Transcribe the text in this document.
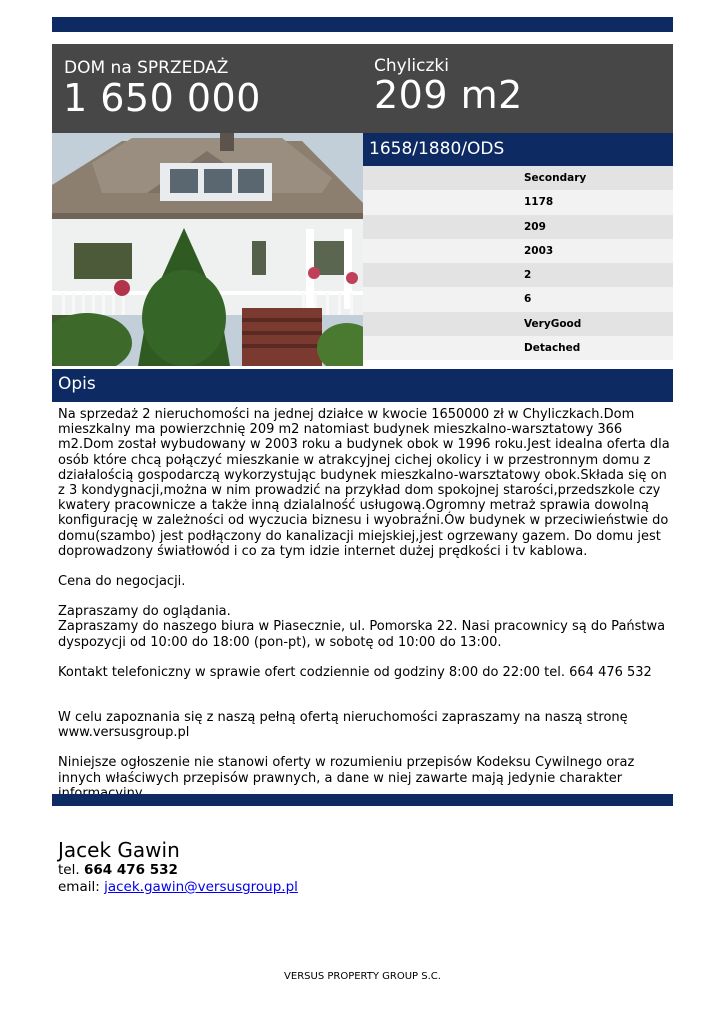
DOM na SPRZEDAŻ
1 650 000
Chyliczki
209 m2
1658/1880/ODS
Secondary
1178
209
2003
2
6
VeryGood
Detached
Opis

Na sprzedaż 2 nieruchomości na jednej działce w kwocie 1650000 zł w Chyliczkach.Dom mieszkalny ma powierzchnię 209 m2 natomiast budynek mieszkalno-warsztatowy 366 m2.Dom został wybudowany w 2003 roku a budynek obok w 1996 roku.Jest idealna oferta dla osób które chcą połączyć mieszkanie w atrakcyjnej cichej okolicy i w przestronnym domu z działalością gospodarczą wykorzystując budynek mieszkalno-warsztatowy obok.Składa się on z 3 kondygnacji,można w nim prowadzić na przykład dom spokojnej starości,przedszkole czy kwatery pracownicze a także inną dzialalność usługową.Ogromny metraż sprawia dowolną konfigurację w zależności od wyczucia biznesu i wyobraźni.Ów budynek w przeciwieństwie do domu(szambo) jest podłączony do kanalizacji miejskiej,jest ogrzewany gazem. Do domu jest doprowadzony światłowód i co za tym idzie internet dużej prędkości i tv kablowa.

Cena do negocjacji.

Zapraszamy do oglądania.

Zapraszamy do naszego biura w Piasecznie, ul. Pomorska 22. Nasi pracownicy są do Państwa dyspozycji od 10:00 do 18:00 (pon-pt), w sobotę od 10:00 do 13:00.

Kontakt telefoniczny w sprawie ofert codziennie od godziny 8:00 do 22:00 tel. 664 476 532

W celu zapoznania się z naszą pełną ofertą nieruchomości zapraszamy na naszą stronę www.versusgroup.pl

Niniejsze ogłoszenie nie stanowi oferty w rozumieniu przepisów Kodeksu Cywilnego oraz innych właściwych przepisów prawnych, a dane w niej zawarte mają jedynie charakter

Jacek Gawin
tel. 664 476 532
email: jacek.gawin@versusgroup.pl
VERSUS PROPERTY GROUP S.C.
